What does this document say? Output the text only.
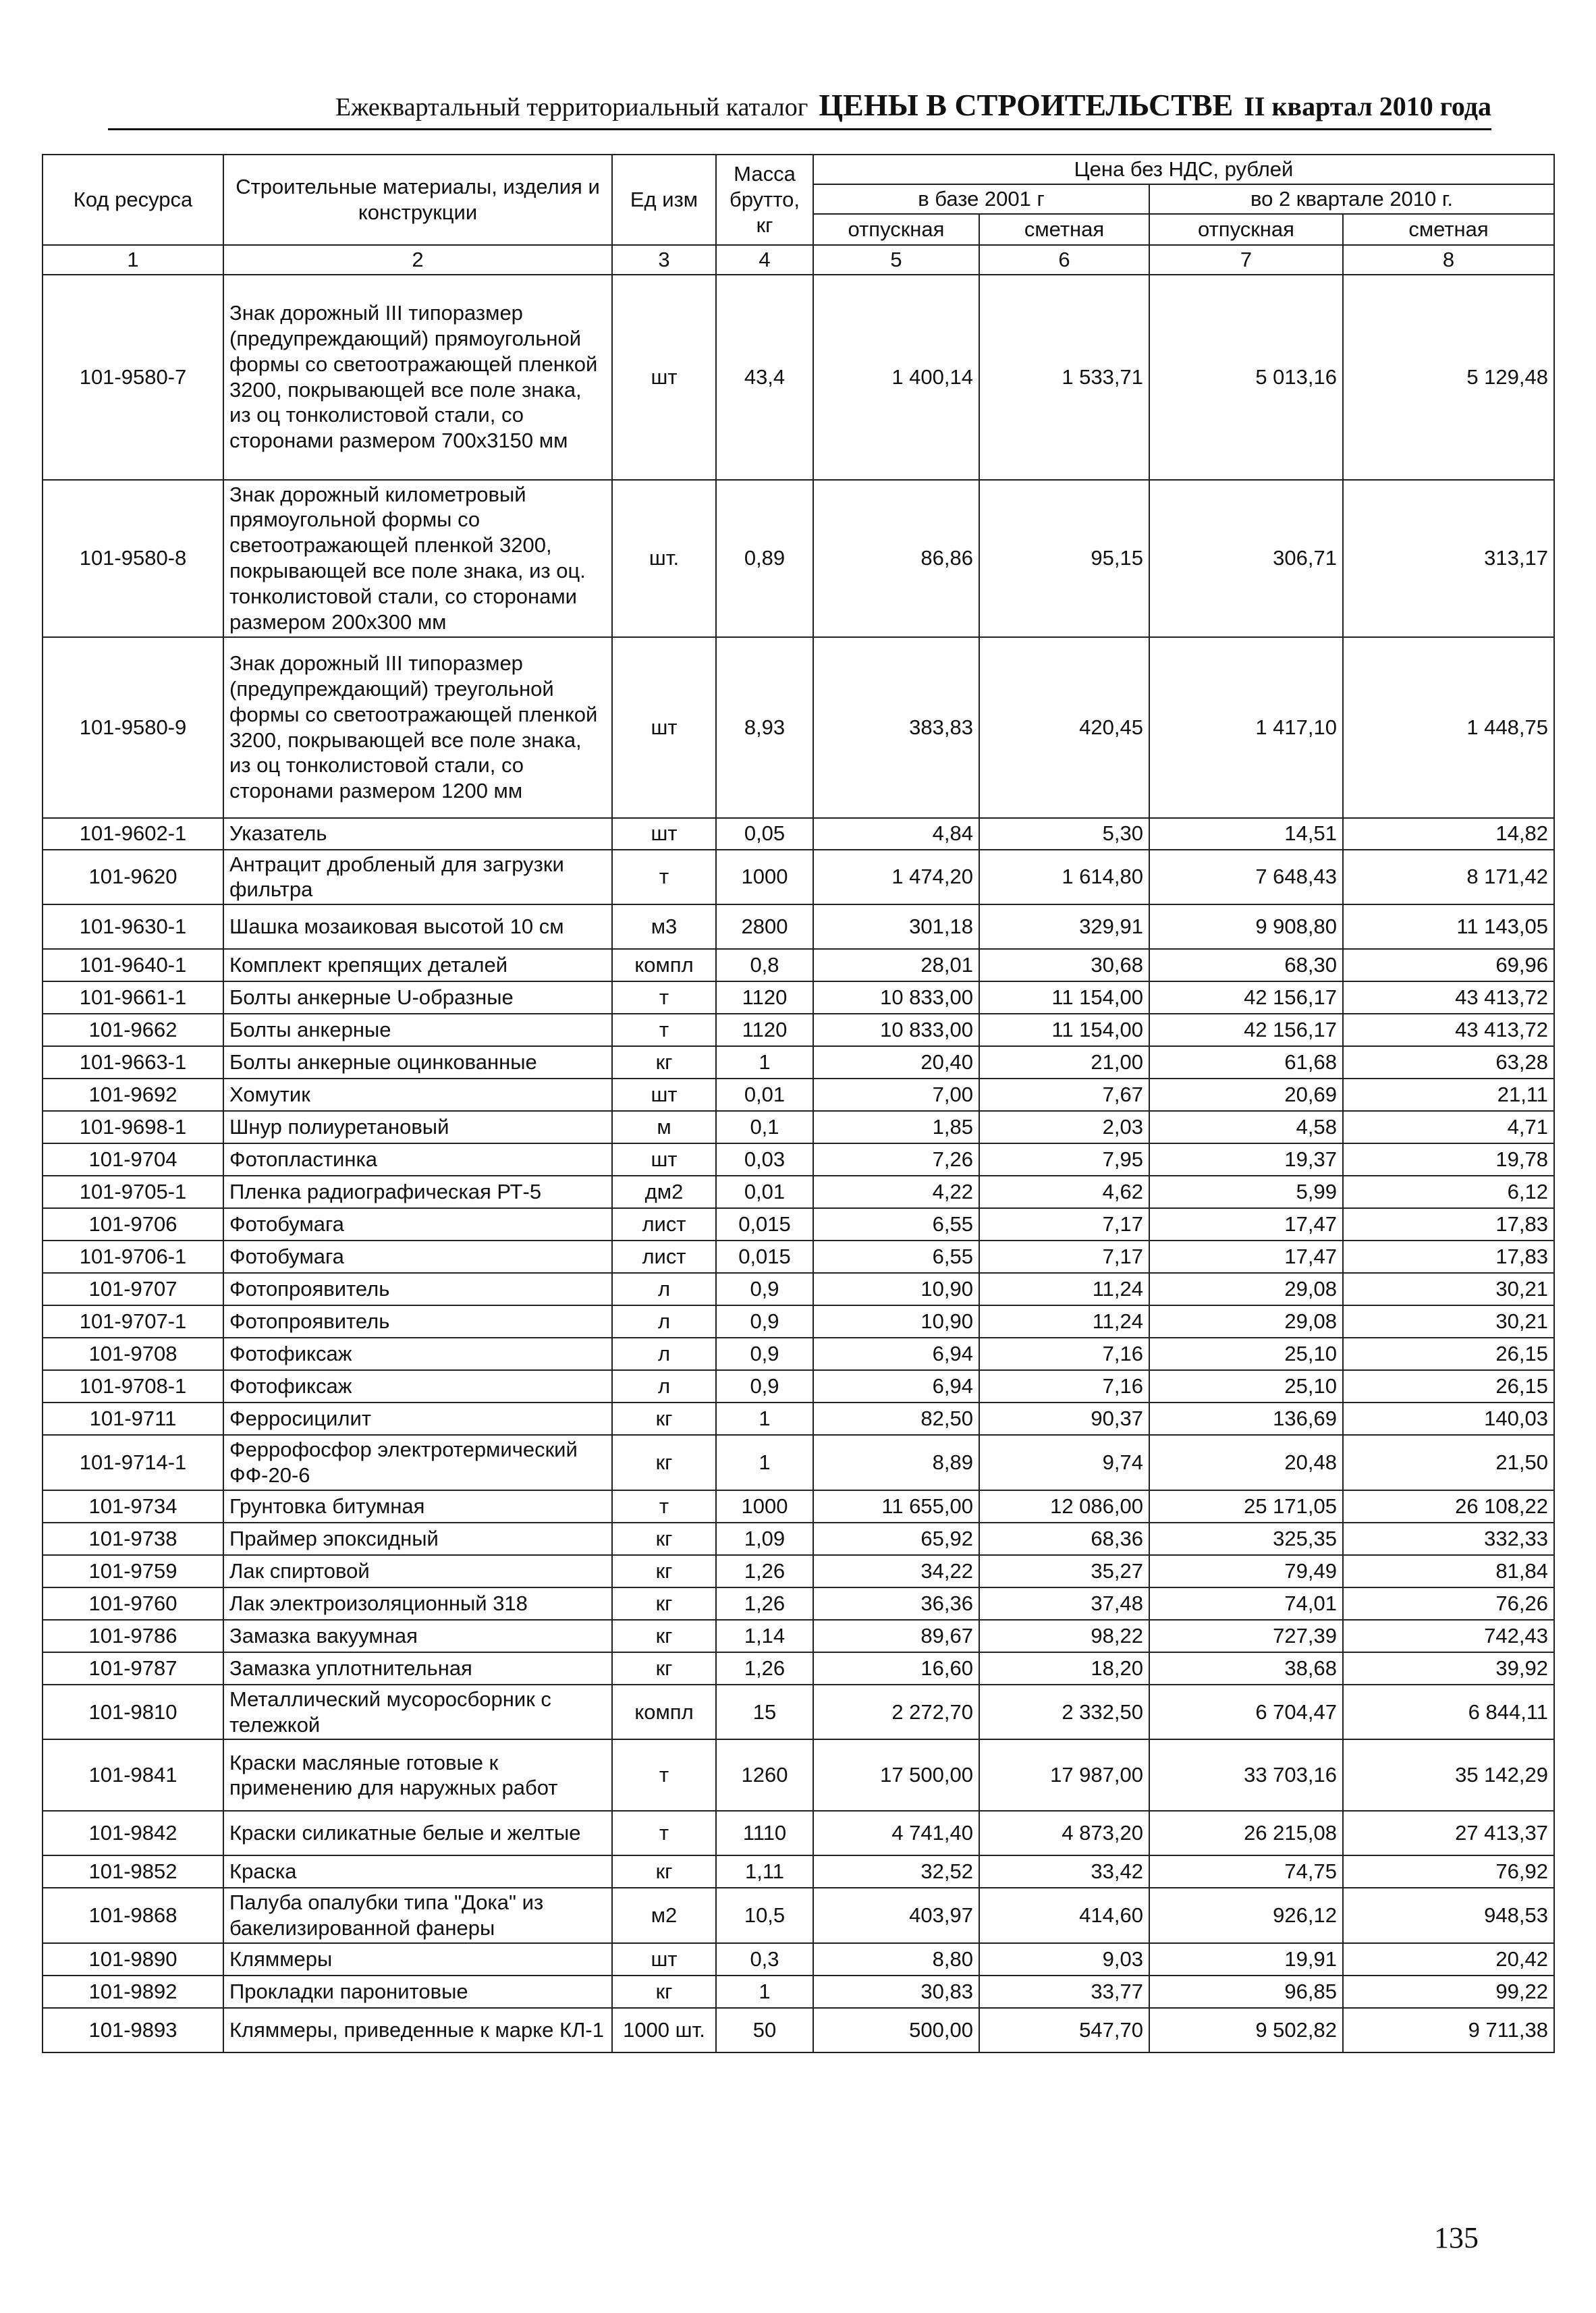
Ежеквартальный территориальный каталог ЦЕНЫ В СТРОИТЕЛЬСТВЕ II квартал 2010 года
Код ресурса	Строительные материалы, изделия и конструкции	Ед изм	Масса брутто, кг	Цена без НДС, рублей			
				в базе 2001 г		во 2 квартале 2010 г.	
				отпускная	сметная	отпускная	сметная
1	2	3	4	5	6	7	8
101-9580-7	Знак дорожный III типоразмер (предупреждающий) прямоугольной формы со светоотражающей пленкой 3200, покрывающей все поле знака, из оц тонколистовой стали, со сторонами размером 700х3150 мм	шт	43,4	1 400,14	1 533,71	5 013,16	5 129,48
101-9580-8	Знак дорожный километровый прямоугольной формы со светоотражающей пленкой 3200, покрывающей все поле знака, из оц. тонколистовой стали, со сторонами размером 200х300 мм	шт.	0,89	86,86	95,15	306,71	313,17
101-9580-9	Знак дорожный III типоразмер (предупреждающий) треугольной формы со светоотражающей пленкой 3200, покрывающей все поле знака, из оц тонколистовой стали, со сторонами размером 1200 мм	шт	8,93	383,83	420,45	1 417,10	1 448,75
101-9602-1	Указатель	шт	0,05	4,84	5,30	14,51	14,82
101-9620	Антрацит дробленый для загрузки фильтра	т	1000	1 474,20	1 614,80	7 648,43	8 171,42
101-9630-1	Шашка мозаиковая высотой 10 см	м3	2800	301,18	329,91	9 908,80	11 143,05
101-9640-1	Комплект крепящих деталей	компл	0,8	28,01	30,68	68,30	69,96
101-9661-1	Болты анкерные U-образные	т	1120	10 833,00	11 154,00	42 156,17	43 413,72
101-9662	Болты анкерные	т	1120	10 833,00	11 154,00	42 156,17	43 413,72
101-9663-1	Болты анкерные оцинкованные	кг	1	20,40	21,00	61,68	63,28
101-9692	Хомутик	шт	0,01	7,00	7,67	20,69	21,11
101-9698-1	Шнур полиуретановый	м	0,1	1,85	2,03	4,58	4,71
101-9704	Фотопластинка	шт	0,03	7,26	7,95	19,37	19,78
101-9705-1	Пленка радиографическая РТ-5	дм2	0,01	4,22	4,62	5,99	6,12
101-9706	Фотобумага	лист	0,015	6,55	7,17	17,47	17,83
101-9706-1	Фотобумага	лист	0,015	6,55	7,17	17,47	17,83
101-9707	Фотопроявитель	л	0,9	10,90	11,24	29,08	30,21
101-9707-1	Фотопроявитель	л	0,9	10,90	11,24	29,08	30,21
101-9708	Фотофиксаж	л	0,9	6,94	7,16	25,10	26,15
101-9708-1	Фотофиксаж	л	0,9	6,94	7,16	25,10	26,15
101-9711	Ферросицилит	кг	1	82,50	90,37	136,69	140,03
101-9714-1	Феррофосфор электротермический ФФ-20-6	кг	1	8,89	9,74	20,48	21,50
101-9734	Грунтовка битумная	т	1000	11 655,00	12 086,00	25 171,05	26 108,22
101-9738	Праймер эпоксидный	кг	1,09	65,92	68,36	325,35	332,33
101-9759	Лак спиртовой	кг	1,26	34,22	35,27	79,49	81,84
101-9760	Лак электроизоляционный 318	кг	1,26	36,36	37,48	74,01	76,26
101-9786	Замазка вакуумная	кг	1,14	89,67	98,22	727,39	742,43
101-9787	Замазка уплотнительная	кг	1,26	16,60	18,20	38,68	39,92
101-9810	Металлический мусоросборник с тележкой	компл	15	2 272,70	2 332,50	6 704,47	6 844,11
101-9841	Краски масляные готовые к применению для наружных работ	т	1260	17 500,00	17 987,00	33 703,16	35 142,29
101-9842	Краски силикатные белые и желтые	т	1110	4 741,40	4 873,20	26 215,08	27 413,37
101-9852	Краска	кг	1,11	32,52	33,42	74,75	76,92
101-9868	Палуба опалубки типа "Дока" из бакелизированной фанеры	м2	10,5	403,97	414,60	926,12	948,53
101-9890	Кляммеры	шт	0,3	8,80	9,03	19,91	20,42
101-9892	Прокладки паронитовые	кг	1	30,83	33,77	96,85	99,22
101-9893	Кляммеры, приведенные к марке КЛ-1	1000 шт.	50	500,00	547,70	9 502,82	9 711,38
135
